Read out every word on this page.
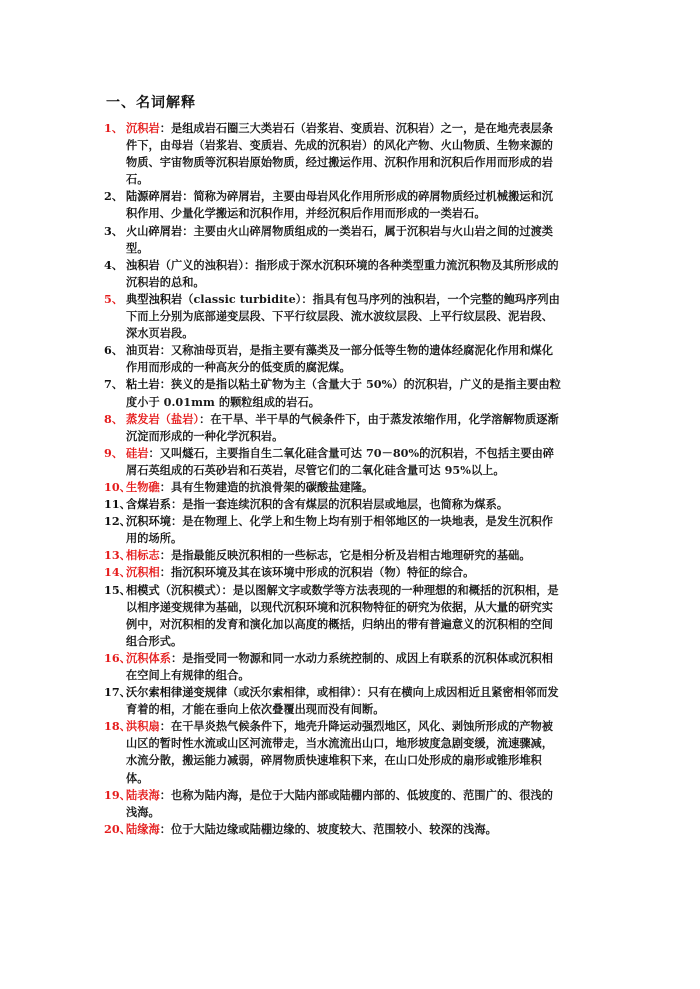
一、名词解释
1、 沉积岩：是组成岩石圈三大类岩石（岩浆岩、变质岩、沉积岩）之一，是在地壳表层条件下，由母岩（岩浆岩、变质岩、先成的沉积岩）的风化产物、火山物质、生物来源的物质、宇宙物质等沉积岩原始物质，经过搬运作用、沉积作用和沉积后作用而形成的岩石。
2、 陆源碎屑岩：简称为碎屑岩，主要由母岩风化作用所形成的碎屑物质经过机械搬运和沉积作用、少量化学搬运和沉积作用，并经沉积后作用而形成的一类岩石。
3、 火山碎屑岩：主要由火山碎屑物质组成的一类岩石，属于沉积岩与火山岩之间的过渡类型。
4、 浊积岩（广义的浊积岩）：指形成于深水沉积环境的各种类型重力流沉积物及其所形成的沉积岩的总和。
5、 典型浊积岩（classic turbidite）：指具有包马序列的浊积岩，一个完整的鲍玛序列由下而上分别为底部递变层段、下平行纹层段、流水波纹层段、上平行纹层段、泥岩段、深水页岩段。
6、 油页岩：又称油母页岩，是指主要有藻类及一部分低等生物的遗体经腐泥化作用和煤化作用而形成的一种高灰分的低变质的腐泥煤。
7、 粘土岩：狭义的是指以粘土矿物为主（含量大于 50%）的沉积岩，广义的是指主要由粒度小于 0.01mm 的颗粒组成的岩石。
8、 蒸发岩（盐岩）：在干旱、半干旱的气候条件下，由于蒸发浓缩作用，化学溶解物质逐渐沉淀而形成的一种化学沉积岩。
9、 硅岩：又叫燧石，主要指自生二氧化硅含量可达 70－80%的沉积岩，不包括主要由碎屑石英组成的石英砂岩和石英岩，尽管它们的二氧化硅含量可达 95%以上。
10、
生物礁：具有生物建造的抗浪骨架的碳酸盐建隆。
11、
含煤岩系：是指一套连续沉积的含有煤层的沉积岩层或地层，也简称为煤系。
12、
沉积环境：是在物理上、化学上和生物上均有别于相邻地区的一块地表，是发生沉积作用的场所。
13、
相标志：是指最能反映沉积相的一些标志，它是相分析及岩相古地理研究的基础。
14、
沉积相：指沉积环境及其在该环境中形成的沉积岩（物）特征的综合。
15、
相模式（沉积模式）：是以图解文字或数学等方法表现的一种理想的和概括的沉积相，是以相序递变规律为基础，以现代沉积环境和沉积物特征的研究为依据，从大量的研究实例中，对沉积相的发育和演化加以高度的概括，归纳出的带有普遍意义的沉积相的空间组合形式。
16、
沉积体系：是指受同一物源和同一水动力系统控制的、成因上有联系的沉积体或沉积相在空间上有规律的组合。
17、
沃尔索相律递变规律（或沃尔索相律，或相律）：只有在横向上成因相近且紧密相邻而发育着的相，才能在垂向上依次叠覆出现而没有间断。
18、
洪积扇：在干旱炎热气候条件下，地壳升降运动强烈地区，风化、剥蚀所形成的产物被山区的暂时性水流或山区河流带走，当水流流出山口，地形坡度急剧变缓，流速骤减，水流分散，搬运能力减弱，碎屑物质快速堆积下来，在山口处形成的扇形或锥形堆积体。
19、
陆表海：也称为陆内海，是位于大陆内部或陆棚内部的、低坡度的、范围广的、很浅的浅海。
20、
陆缘海：位于大陆边缘或陆棚边缘的、坡度较大、范围较小、较深的浅海。
